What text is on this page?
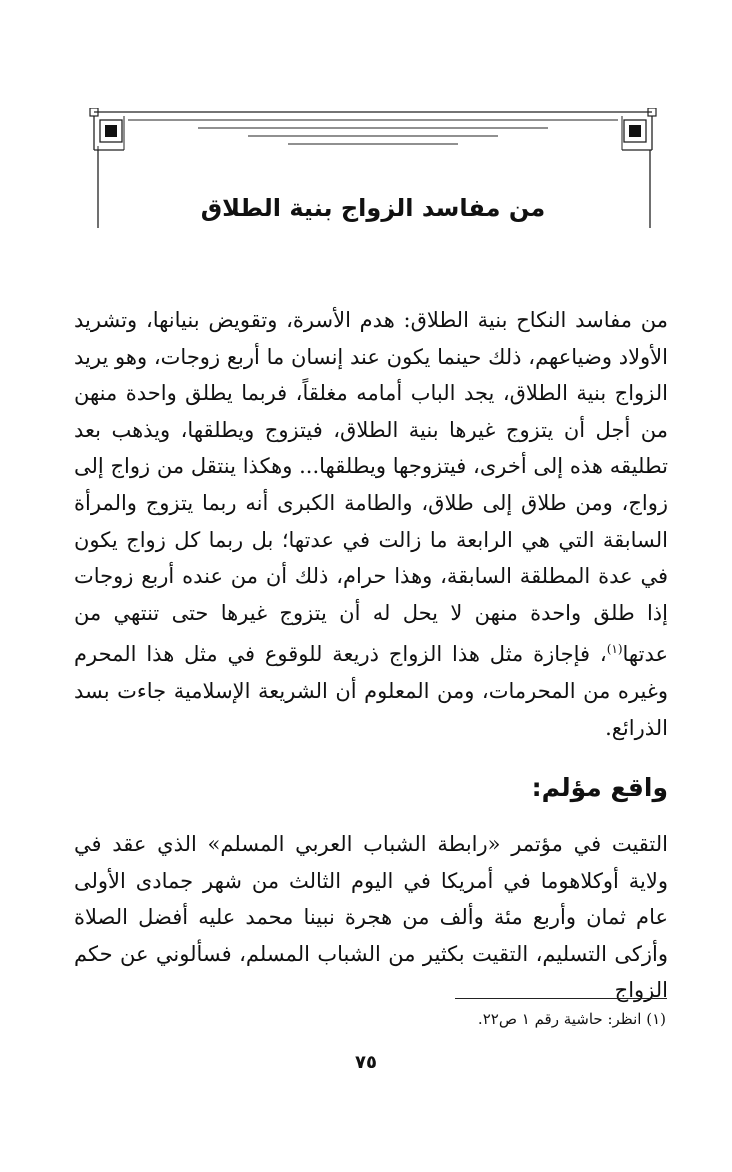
من مفاسد الزواج بنية الطلاق

من مفاسد النكاح بنية الطلاق: هدم الأسرة، وتقويض بنيانها، وتشريد الأولاد وضياعهم، ذلك حينما يكون عند إنسان ما أربع زوجات، وهو يريد الزواج بنية الطلاق، يجد الباب أمامه مغلقاً، فربما يطلق واحدة منهن من أجل أن يتزوج غيرها بنية الطلاق، فيتزوج ويطلقها، ويذهب بعد تطليقه هذه إلى أخرى، فيتزوجها ويطلقها... وهكذا ينتقل من زواج إلى زواج، ومن طلاق إلى طلاق، والطامة الكبرى أنه ربما يتزوج والمرأة السابقة التي هي الرابعة ما زالت في عدتها؛ بل ربما كل زواج يكون في عدة المطلقة السابقة، وهذا حرام، ذلك أن من عنده أربع زوجات إذا طلق واحدة منهن لا يحل له أن يتزوج غيرها حتى تنتهي من عدتها$^{(١)}$، فإجازة مثل هذا الزواج ذريعة للوقوع في مثل هذا المحرم وغيره من المحرمات، ومن المعلوم أن الشريعة الإسلامية جاءت بسد الذرائع.

واقع مؤلم:

التقيت في مؤتمر «رابطة الشباب العربي المسلم» الذي عقد في ولاية أوكلاهوما في أمريكا في اليوم الثالث من شهر جمادى الأولى عام ثمان وأربع مئة وألف من هجرة نبينا محمد عليه أفضل الصلاة وأزكى التسليم، التقيت بكثير من الشباب المسلم، فسألوني عن حكم الزواج

(١) انظر: حاشية رقم ١ ص٢٢.

٧٥
